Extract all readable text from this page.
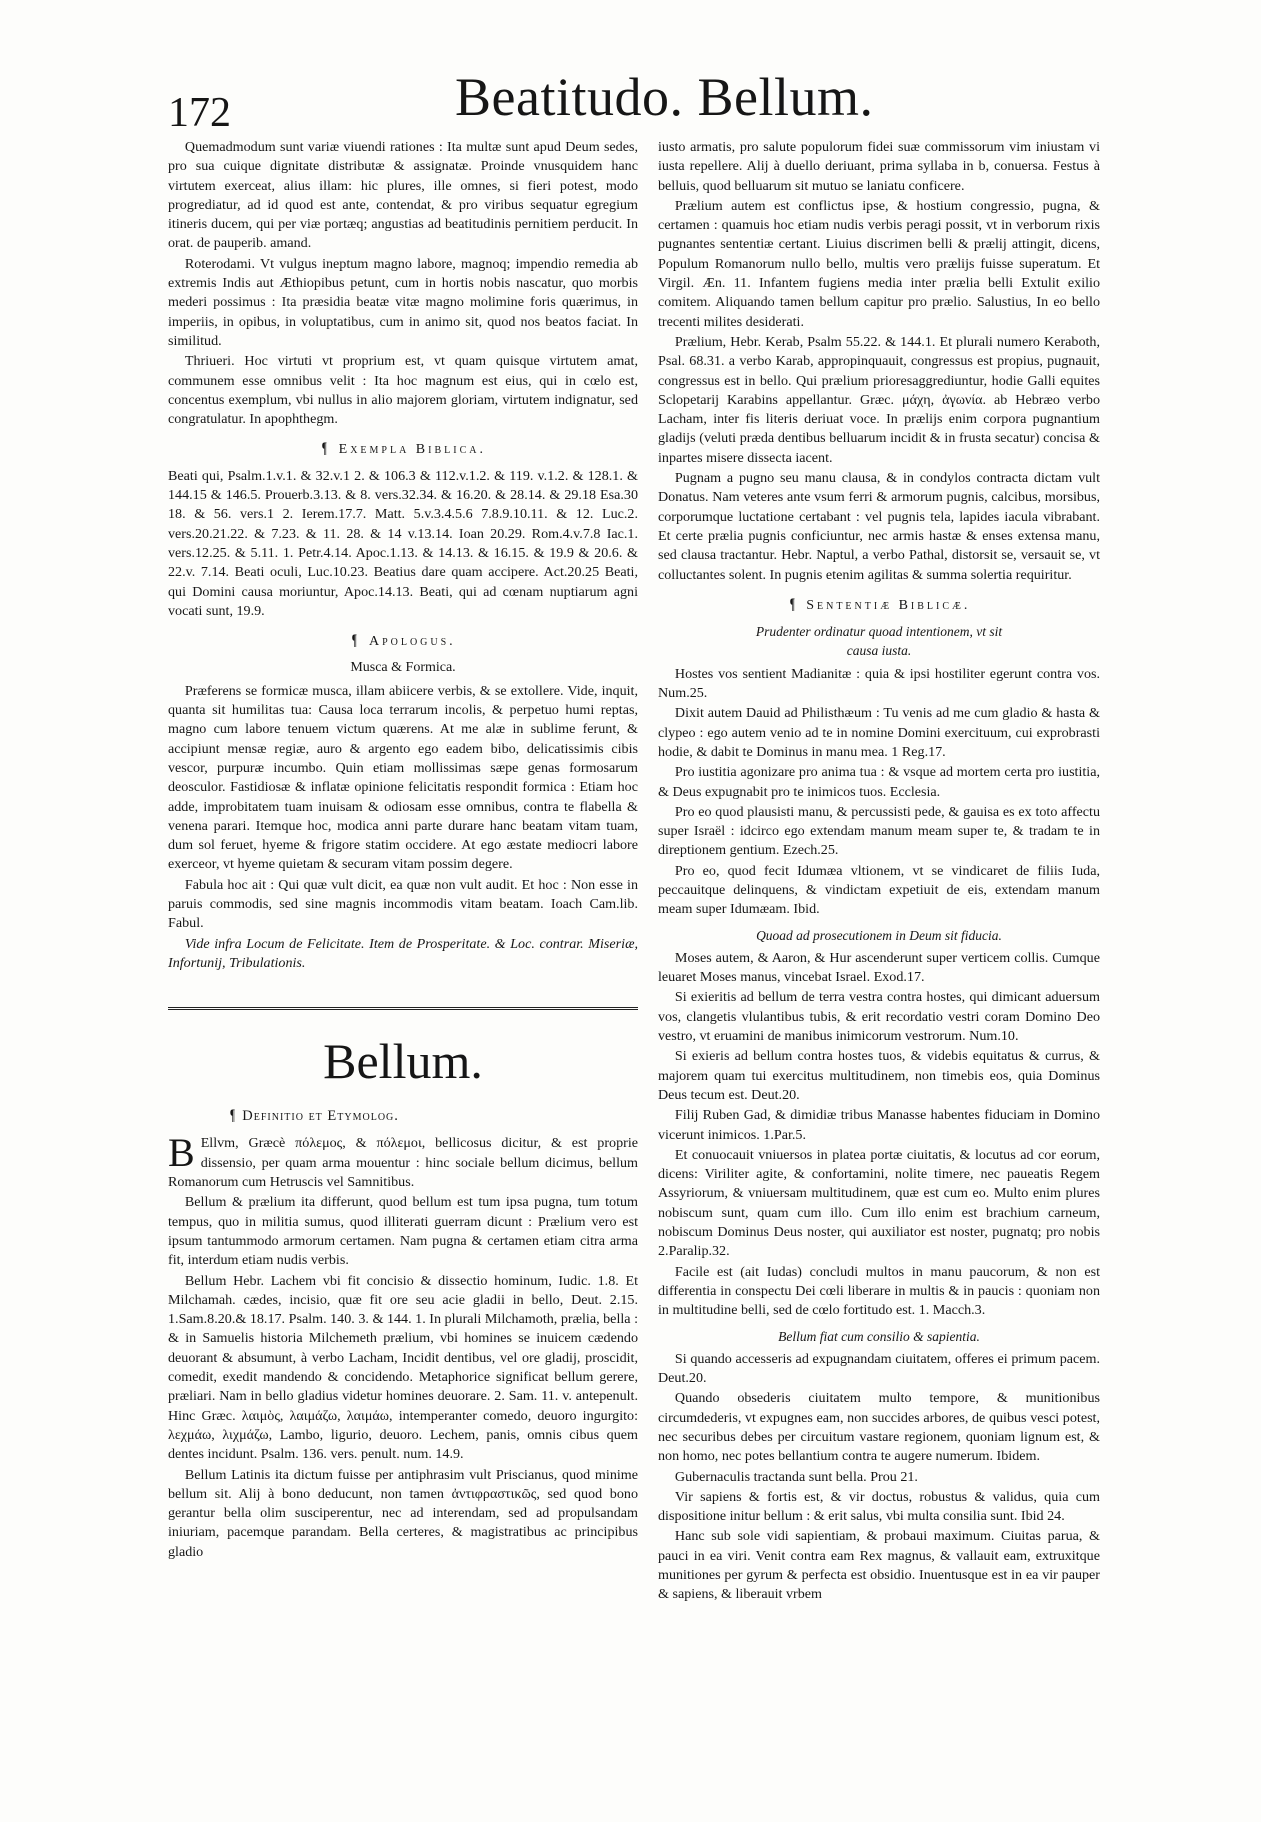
172	Beatitudo. Bellum.

Quemadmodum sunt variæ viuendi rationes : Ita multæ sunt apud Deum sedes, pro sua cuique dignitate distributæ & assignatæ. Proinde vnusquidem hanc virtutem exerceat, alius illam: hic plures, ille omnes, si fieri potest, modo progrediatur, ad id quod est ante, contendat, & pro viribus sequatur egregium itineris ducem, qui per viæ portæq; angustias ad beatitudinis pernitiem perducit. In orat. de pauperib. amand.

Roterodami. Vt vulgus ineptum magno labore, magnoq; impendio remedia ab extremis Indis aut Æthiopibus petunt, cum in hortis nobis nascatur, quo morbis mederi possimus : Ita præsidia beatæ vitæ magno molimine foris quærimus, in imperiis, in opibus, in voluptatibus, cum in animo sit, quod nos beatos faciat. In similitud.

Thriueri. Hoc virtuti vt proprium est, vt quam quisque virtutem amat, communem esse omnibus velit : Ita hoc magnum est eius, qui in cœlo est, concentus exemplum, vbi nullus in alio majorem gloriam, virtutem indignatur, sed congratulatur. In apophthegm.

¶ Exempla Biblica.

Beati qui, Psalm.1.v.1. & 32.v.1 2. & 106.3 & 112.v.1.2. & 119. v.1.2. & 128.1. & 144.15 & 146.5. Prouerb.3.13. & 8. vers.32.34. & 16.20. & 28.14. & 29.18 Esa.30 18. & 56. vers.1 2. Ierem.17.7. Matt. 5.v.3.4.5.6 7.8.9.10.11. & 12. Luc.2. vers.20.21.22. & 7.23. & 11. 28. & 14 v.13.14. Ioan 20.29. Rom.4.v.7.8 Iac.1. vers.12.25. & 5.11. 1. Petr.4.14. Apoc.1.13. & 14.13. & 16.15. & 19.9 & 20.6. & 22.v. 7.14. Beati oculi, Luc.10.23. Beatius dare quam accipere. Act.20.25 Beati, qui Domini causa moriuntur, Apoc.14.13. Beati, qui ad cœnam nuptiarum agni vocati sunt, 19.9.

¶ Apologus.
Musca & Formica.

Præferens se formicæ musca, illam abiicere verbis, & se extollere. Vide, inquit, quanta sit humilitas tua: Causa loca terrarum incolis, & perpetuo humi reptas, magno cum labore tenuem victum quærens. At me alæ in sublime ferunt, & accipiunt mensæ regiæ, auro & argento ego eadem bibo, delicatissimis cibis vescor, purpuræ incumbo. Quin etiam mollissimas sæpe genas formosarum deosculor. Fastidiosæ & inflatæ opinione felicitatis respondit formica : Etiam hoc adde, improbitatem tuam inuisam & odiosam esse omnibus, contra te flabella & venena parari. Itemque hoc, modica anni parte durare hanc beatam vitam tuam, dum sol feruet, hyeme & frigore statim occidere. At ego æstate mediocri labore exerceor, vt hyeme quietam & securam vitam possim degere.

Fabula hoc ait : Qui quæ vult dicit, ea quæ non vult audit. Et hoc : Non esse in paruis commodis, sed sine magnis incommodis vitam beatam. Ioach Cam.lib. Fabul.

Vide infra Locum de Felicitate. Item de Prosperitate. & Loc. contrar. Miseriæ, Infortunij, Tribulationis.

Bellum.
¶ Definitio et Etymolog.

B Ellvm, Græcè πόλεμος, & πόλεμοι, bellicosus dicitur, & est proprie dissensio, per quam arma mouentur : hinc sociale bellum dicimus, bellum Romanorum cum Hetruscis vel Samnitibus.

Bellum & prælium ita differunt, quod bellum est tum ipsa pugna, tum totum tempus, quo in militia sumus, quod illiterati guerram dicunt : Prælium vero est ipsum tantummodo armorum certamen. Nam pugna & certamen etiam citra arma fit, interdum etiam nudis verbis.

Bellum Hebr. Lachem vbi fit concisio & dissectio hominum, Iudic. 1.8. Et Milchamah. cædes, incisio, quæ fit ore seu acie gladii in bello, Deut. 2.15. 1.Sam.8.20.& 18.17. Psalm. 140. 3. & 144. 1. In plurali Milchamoth, prælia, bella : & in Samuelis historia Milchemeth prælium, vbi homines se inuicem cædendo deuorant & absumunt, à verbo Lacham, Incidit dentibus, vel ore gladij, proscidit, comedit, exedit mandendo & concidendo. Metaphorice significat bellum gerere, præliari. Nam in bello gladius videtur homines deuorare. 2. Sam. 11. v. antepenult. Hinc Græc. λαιμὸς, λαιμάζω, λαιμάω, intemperanter comedo, deuoro ingurgito: λεχμάω, λιχμάζω, Lambo, ligurio, deuoro. Lechem, panis, omnis cibus quem dentes incidunt. Psalm. 136. vers. penult. num. 14.9.

Bellum Latinis ita dictum fuisse per antiphrasim vult Priscianus, quod minime bellum sit. Alij à bono deducunt, non tamen ἀντιφραστικῶς, sed quod bono gerantur bella olim susciperentur, nec ad interendam, sed ad propulsandam iniuriam, pacemque parandam. Bella certeres, & magistratibus ac principibus gladio

iusto armatis, pro salute populorum fidei suæ commissorum vim iniustam vi iusta repellere. Alij à duello deriuant, prima syllaba in b, conuersa. Festus à belluis, quod belluarum sit mutuo se laniatu conficere.

Prælium autem est conflictus ipse, & hostium congressio, pugna, & certamen : quamuis hoc etiam nudis verbis peragi possit, vt in verborum rixis pugnantes sententiæ certant. Liuius discrimen belli & prælij attingit, dicens, Populum Romanorum nullo bello, multis vero prælijs fuisse superatum. Et Virgil. Æn. 11. Infantem fugiens media inter prælia belli Extulit exilio comitem. Aliquando tamen bellum capitur pro prælio. Salustius, In eo bello trecenti milites desiderati.

Prælium, Hebr. Kerab, Psalm 55.22. & 144.1. Et plurali numero Keraboth, Psal. 68.31. a verbo Karab, appropinquauit, congressus est propius, pugnauit, congressus est in bello. Qui prælium prioresaggrediuntur, hodie Galli equites Sclopetarij Karabins appellantur. Græc. μάχη, ἀγωνία. ab Hebræo verbo Lacham, inter fis literis deriuat voce. In prælijs enim corpora pugnantium gladijs (veluti præda dentibus belluarum incidit & in frusta secatur) concisa & inpartes misere dissecta iacent.

Pugnam a pugno seu manu clausa, & in condylos contracta dictam vult Donatus. Nam veteres ante vsum ferri & armorum pugnis, calcibus, morsibus, corporumque luctatione certabant : vel pugnis tela, lapides iacula vibrabant. Et certe prælia pugnis conficiuntur, nec armis hastæ & enses extensa manu, sed clausa tractantur. Hebr. Naptul, a verbo Pathal, distorsit se, versauit se, vt colluctantes solent. In pugnis etenim agilitas & summa solertia requiritur.

¶ Sententiæ Biblicæ.
Prudenter ordinatur quoad intentionem, vt sit
causa iusta.

Hostes vos sentient Madianitæ : quia & ipsi hostiliter egerunt contra vos. Num.25.

Dixit autem Dauid ad Philisthæum : Tu venis ad me cum gladio & hasta & clypeo : ego autem venio ad te in nomine Domini exercituum, cui exprobrasti hodie, & dabit te Dominus in manu mea. 1 Reg.17.

Pro iustitia agonizare pro anima tua : & vsque ad mortem certa pro iustitia, & Deus expugnabit pro te inimicos tuos. Ecclesia.

Pro eo quod plausisti manu, & percussisti pede, & gauisa es ex toto affectu super Israël : idcirco ego extendam manum meam super te, & tradam te in direptionem gentium. Ezech.25.

Pro eo, quod fecit Idumæa vltionem, vt se vindicaret de filiis Iuda, peccauitque delinquens, & vindictam expetiuit de eis, extendam manum meam super Idumæam. Ibid.

Quoad ad prosecutionem in Deum sit fiducia.

Moses autem, & Aaron, & Hur ascenderunt super verticem collis. Cumque leuaret Moses manus, vincebat Israel. Exod.17.

Si exieritis ad bellum de terra vestra contra hostes, qui dimicant aduersum vos, clangetis vlulantibus tubis, & erit recordatio vestri coram Domino Deo vestro, vt eruamini de manibus inimicorum vestrorum. Num.10.

Si exieris ad bellum contra hostes tuos, & videbis equitatus & currus, & majorem quam tui exercitus multitudinem, non timebis eos, quia Dominus Deus tecum est. Deut.20.

Filij Ruben Gad, & dimidiæ tribus Manasse habentes fiduciam in Domino vicerunt inimicos. 1.Par.5.

Et conuocauit vniuersos in platea portæ ciuitatis, & locutus ad cor eorum, dicens: Viriliter agite, & confortamini, nolite timere, nec paueatis Regem Assyriorum, & vniuersam multitudinem, quæ est cum eo. Multo enim plures nobiscum sunt, quam cum illo. Cum illo enim est brachium carneum, nobiscum Dominus Deus noster, qui auxiliator est noster, pugnatq; pro nobis 2.Paralip.32.

Facile est (ait Iudas) concludi multos in manu paucorum, & non est differentia in conspectu Dei cœli liberare in multis & in paucis : quoniam non in multitudine belli, sed de cœlo fortitudo est. 1. Macch.3.

Bellum fiat cum consilio & sapientia.

Si quando accesseris ad expugnandam ciuitatem, offeres ei primum pacem. Deut.20.

Quando obsederis ciuitatem multo tempore, & munitionibus circumdederis, vt expugnes eam, non succides arbores, de quibus vesci potest, nec securibus debes per circuitum vastare regionem, quoniam lignum est, & non homo, nec potes bellantium contra te augere numerum. Ibidem.

Gubernaculis tractanda sunt bella. Prou 21.

Vir sapiens & fortis est, & vir doctus, robustus & validus, quia cum dispositione initur bellum : & erit salus, vbi multa consilia sunt. Ibid 24.

Hanc sub sole vidi sapientiam, & probaui maximum. Ciuitas parua, & pauci in ea viri. Venit contra eam Rex magnus, & vallauit eam, extruxitque munitiones per gyrum & perfecta est obsidio. Inuentusque est in ea vir pauper & sapiens, & liberauit vrbem
